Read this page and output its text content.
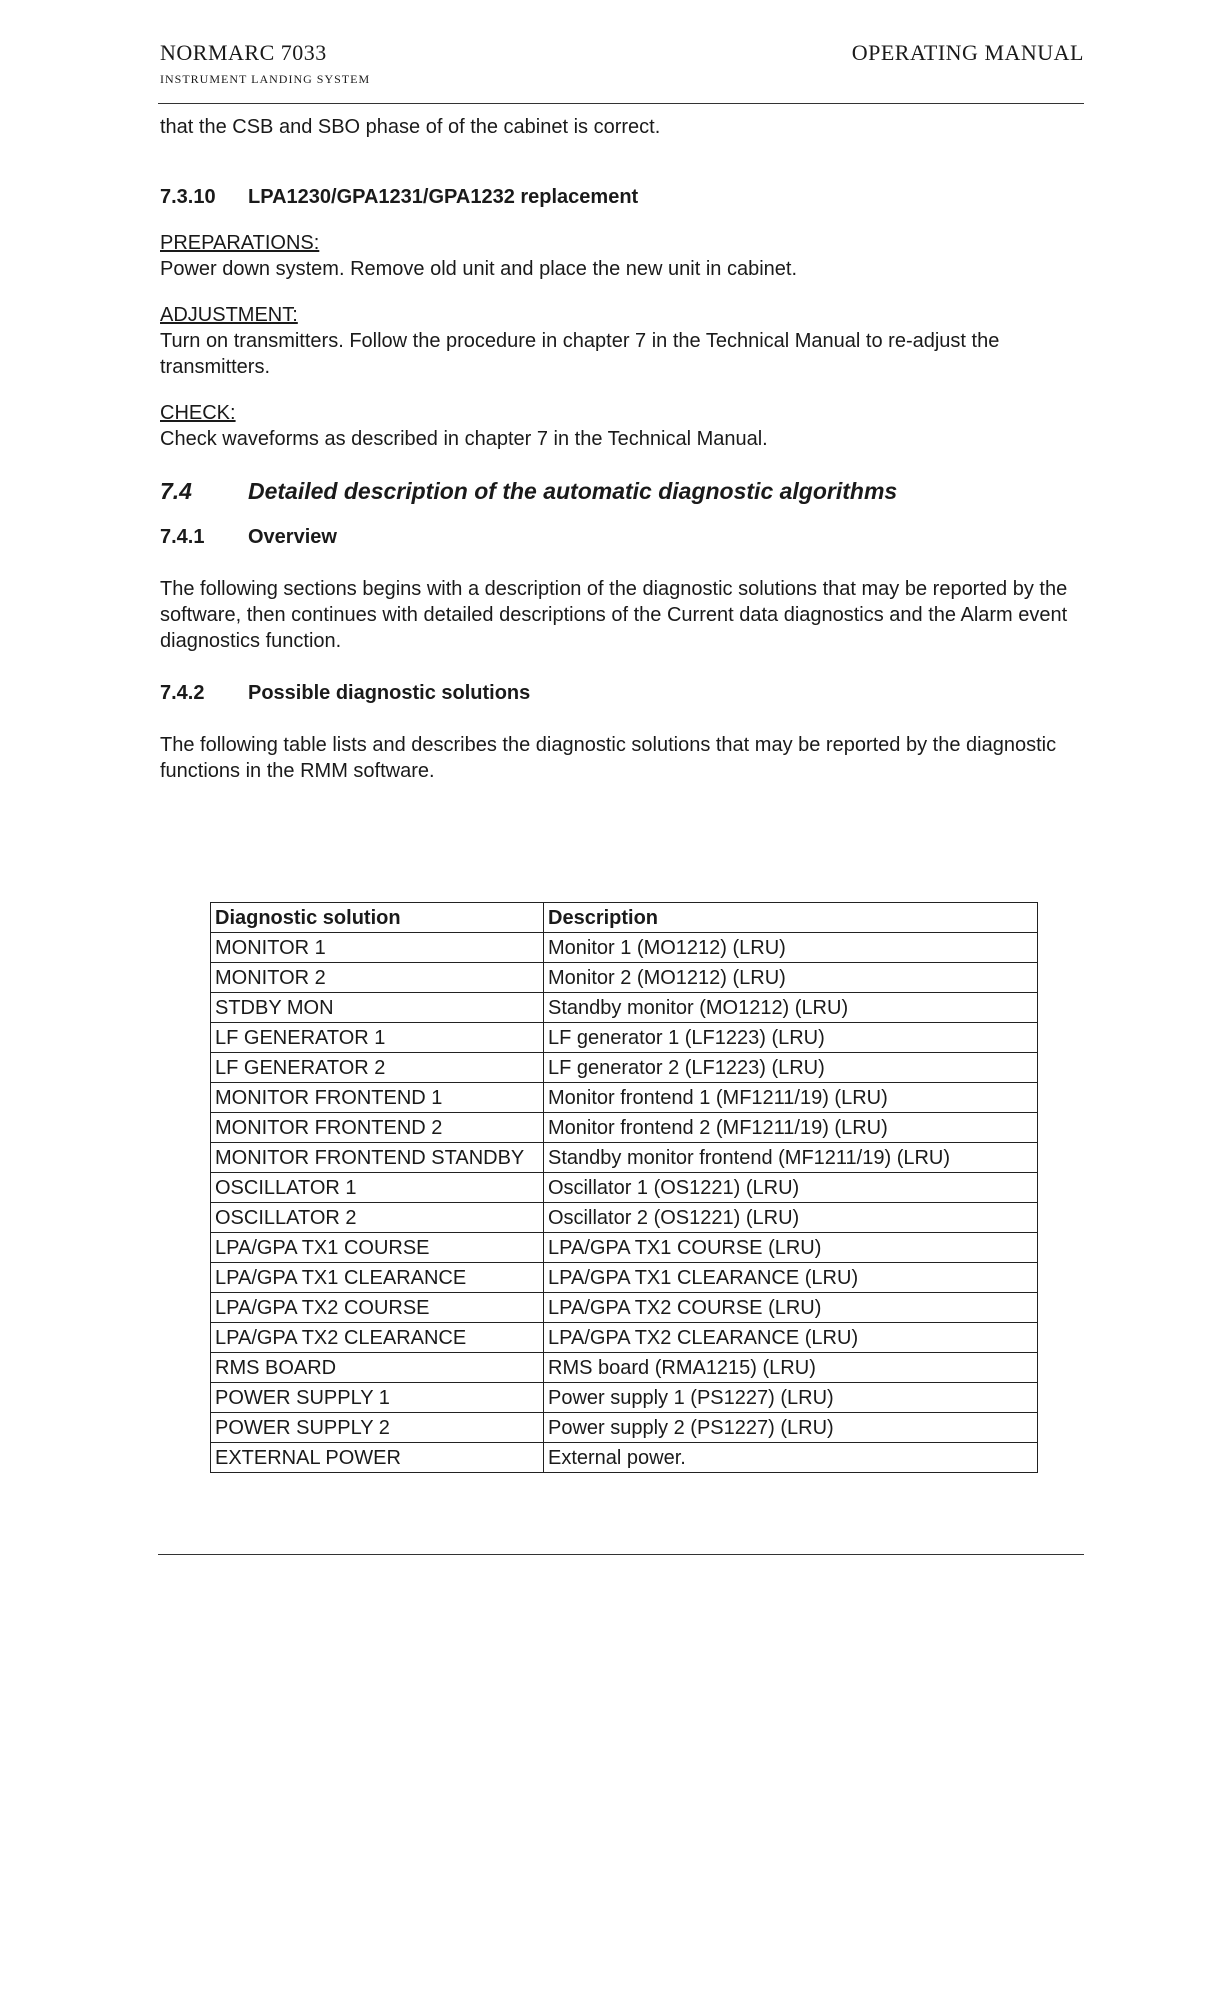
NORMARC 7033
INSTRUMENT LANDING SYSTEM
OPERATING MANUAL

that the CSB and SBO phase of of the cabinet is correct.

7.3.10	LPA1230/GPA1231/GPA1232 replacement

PREPARATIONS:

Power down system. Remove old unit and place the new unit in cabinet.

ADJUSTMENT:

Turn on transmitters. Follow the procedure in chapter 7 in the Technical Manual to re-adjust the transmitters.

CHECK:

Check waveforms as described in chapter 7 in the Technical Manual.

7.4	Detailed description of the automatic diagnostic algorithms
7.4.1	Overview

The following sections begins with a description of the diagnostic solutions that may be reported by the software, then continues with detailed descriptions of the Current data diagnostics and the Alarm event diagnostics function.

7.4.2	Possible diagnostic solutions

The following table lists and describes the diagnostic solutions that may be reported by the diagnostic functions in the RMM software.

Diagnostic solution	Description
MONITOR 1	Monitor 1 (MO1212) (LRU)
MONITOR 2	Monitor 2 (MO1212) (LRU)
STDBY MON	Standby monitor (MO1212) (LRU)
LF GENERATOR 1	LF generator 1 (LF1223) (LRU)
LF GENERATOR 2	LF generator 2 (LF1223) (LRU)
MONITOR FRONTEND 1	Monitor frontend 1 (MF1211/19) (LRU)
MONITOR FRONTEND 2	Monitor frontend 2 (MF1211/19) (LRU)
MONITOR FRONTEND STANDBY	Standby monitor frontend (MF1211/19) (LRU)
OSCILLATOR 1	Oscillator 1 (OS1221) (LRU)
OSCILLATOR 2	Oscillator 2 (OS1221) (LRU)
LPA/GPA TX1 COURSE	LPA/GPA TX1 COURSE (LRU)
LPA/GPA TX1 CLEARANCE	LPA/GPA TX1 CLEARANCE (LRU)
LPA/GPA TX2 COURSE	LPA/GPA TX2 COURSE (LRU)
LPA/GPA TX2 CLEARANCE	LPA/GPA TX2 CLEARANCE (LRU)
RMS BOARD	RMS board (RMA1215) (LRU)
POWER SUPPLY 1	Power supply 1 (PS1227) (LRU)
POWER SUPPLY 2	Power supply 2 (PS1227) (LRU)
EXTERNAL POWER	External power.
